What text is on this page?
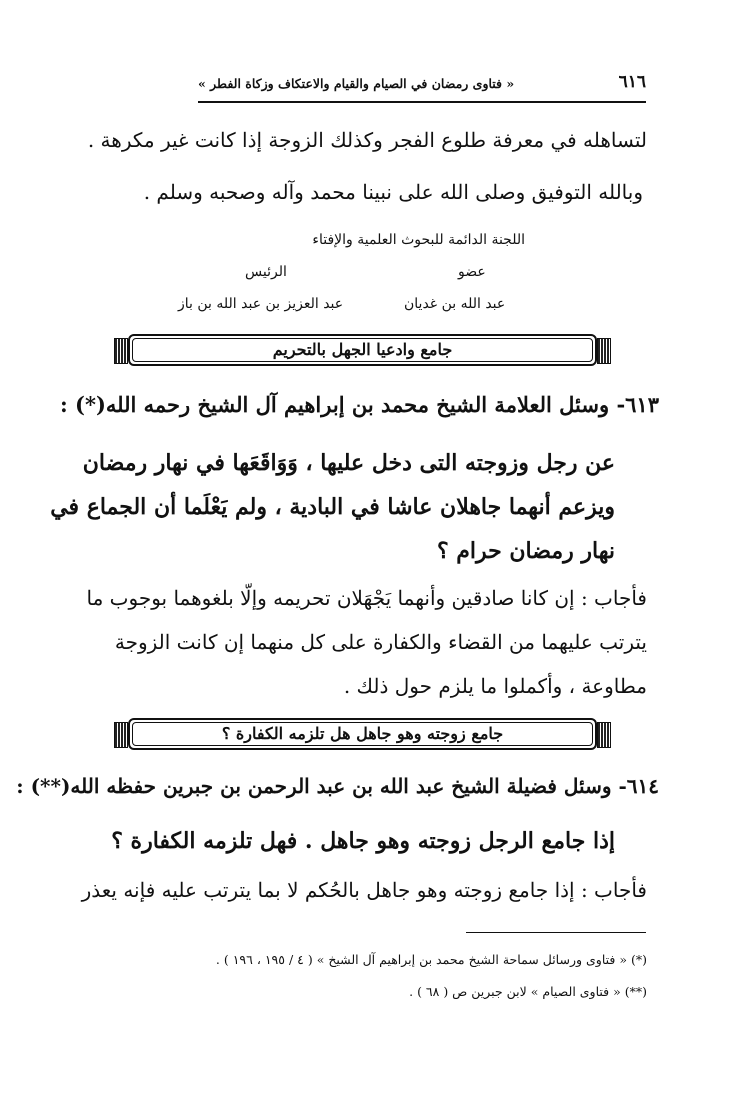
٦١٦
« فتاوى رمضان في الصيام والقيام والاعتكاف وزكاة الفطر »
لتساهله في معرفة طلوع الفجر وكذلك الزوجة إذا كانت غير مكرهة .
وبالله التوفيق وصلى الله على نبينا محمد وآله وصحبه وسلم .
اللجنة الدائمة للبحوث العلمية والإفتاء
عضو
الرئيس
عبد الله بن غديان
عبد العزيز بن عبد الله بن باز
جامع وادعيا الجهل بالتحريم
٦١٣- وسئل العلامة الشيخ محمد بن إبراهيم آل الشيخ رحمه الله(*) :
عن رجل وزوجته التى دخل عليها ، وَوَاقَعَها في نهار رمضان
ويزعم أنهما جاهلان عاشا في البادية ، ولم يَعْلَما أن الجماع في
نهار رمضان حرام ؟
فأجاب : إن كانا صادقين وأنهما يَجْهَلان تحريمه وإلّا بلغوهما بوجوب ما
يترتب عليهما من القضاء والكفارة على كل منهما إن كانت الزوجة
مطاوعة ، وأكملوا ما يلزم حول ذلك .
جامع زوجته وهو جاهل هل تلزمه الكفارة ؟
٦١٤- وسئل فضيلة الشيخ عبد الله بن عبد الرحمن بن جبرين حفظه الله(**) :
إذا جامع الرجل زوجته وهو جاهل . فهل تلزمه الكفارة ؟
فأجاب : إذا جامع زوجته وهو جاهل بالحُكم لا بما يترتب عليه فإنه يعذر
(*) « فتاوى ورسائل سماحة الشيخ محمد بن إبراهيم آل الشيخ » ( ٤ / ١٩٥ ، ١٩٦ ) .
(**) « فتاوى الصيام » لابن جبرين ص ( ٦٨ ) .
